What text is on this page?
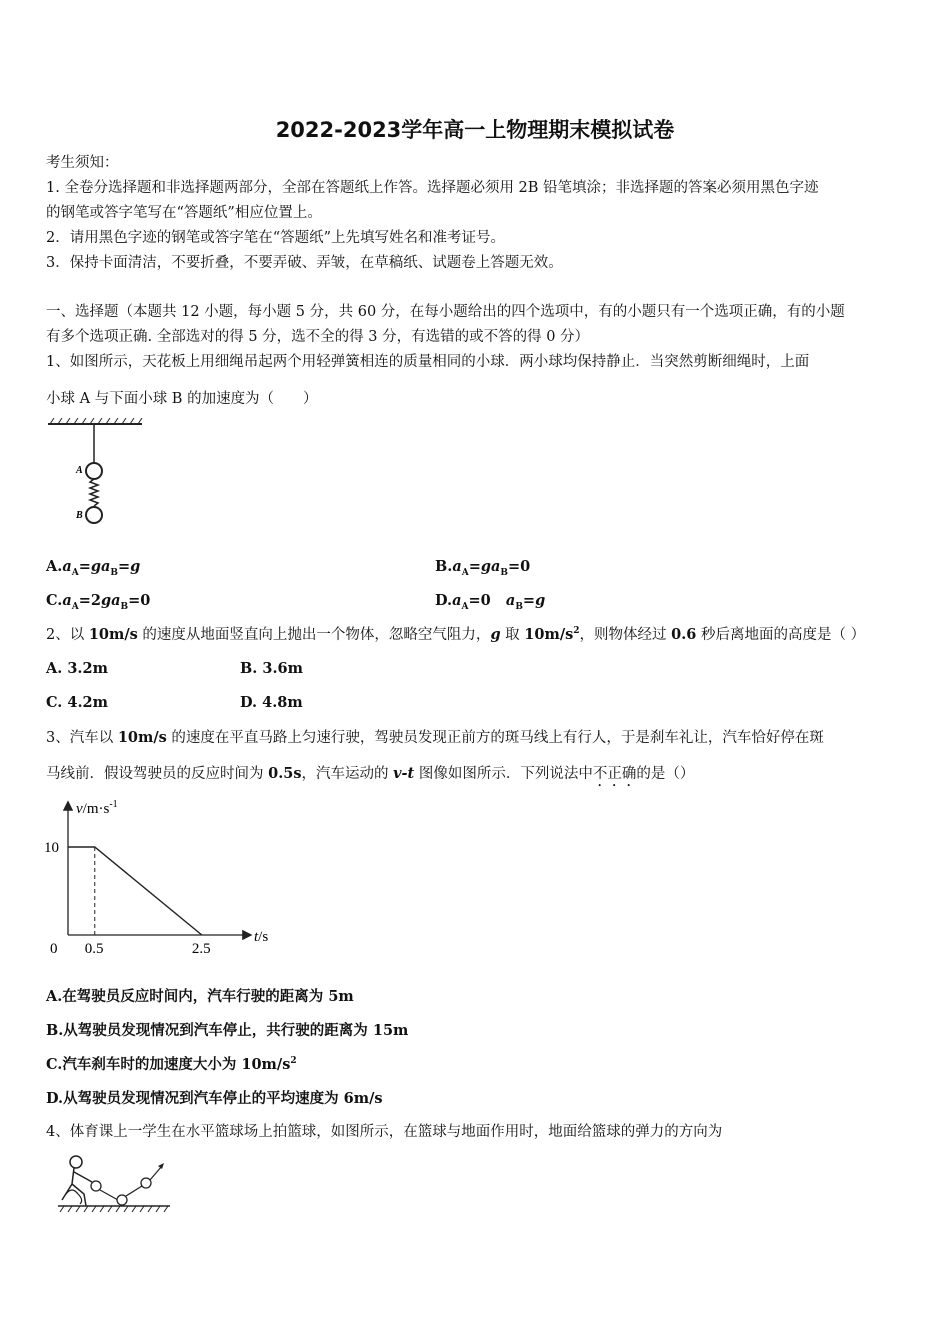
2022-2023学年高一上物理期末模拟试卷
考生须知：
1. 全卷分选择题和非选择题两部分，全部在答题纸上作答。选择题必须用 2B 铅笔填涂；非选择题的答案必须用黑色字迹
的钢笔或答字笔写在“答题纸”相应位置上。
2．请用黑色字迹的钢笔或答字笔在“答题纸”上先填写姓名和准考证号。
3．保持卡面清洁，不要折叠，不要弄破、弄皱，在草稿纸、试题卷上答题无效。
一、选择题（本题共 12 小题，每小题 5 分，共 60 分，在每小题给出的四个选项中，有的小题只有一个选项正确，有的小题
有多个选项正确. 全部选对的得 5 分，选不全的得 3 分，有选错的或不答的得 0 分）
1、如图所示，天花板上用细绳吊起两个用轻弹簧相连的质量相同的小球．两小球均保持静止．当突然剪断细绳时，上面
小球 A 与下面小球 B 的加速度为（　　）
A
B
$A.a_A=ga_B=g$	$B.a_A=ga_B=0$
$C.a_A=2ga_B=0$	$D.a_A=0$ $a_B=g$
2、以 10m/s 的速度从地面竖直向上抛出一个物体，忽略空气阻力，g 取 $10m/s^2$，则物体经过 0.6 秒后离地面的高度是（ ）
A. 3.2m	B. 3.6m
C. 4.2m	D. 4.8m
3、汽车以 10m/s 的速度在平直马路上匀速行驶，驾驶员发现正前方的斑马线上有行人，于是刹车礼让，汽车恰好停在斑
马线前．假设驾驶员的反应时间为 0.5s，汽车运动的 v-t 图像如图所示．下列说法中不正确的是（）
0 0.5	2.5
10
$v/m\cdot s^{-1}$
t/s
A.在驾驶员反应时间内，汽车行驶的距离为 5m
B.从驾驶员发现情况到汽车停止，共行驶的距离为 15m
C.汽车刹车时的加速度大小为 $10m/s^2$
D.从驾驶员发现情况到汽车停止的平均速度为 6m/s
4、体育课上一学生在水平篮球场上拍篮球，如图所示，在篮球与地面作用时，地面给篮球的弹力的方向为
